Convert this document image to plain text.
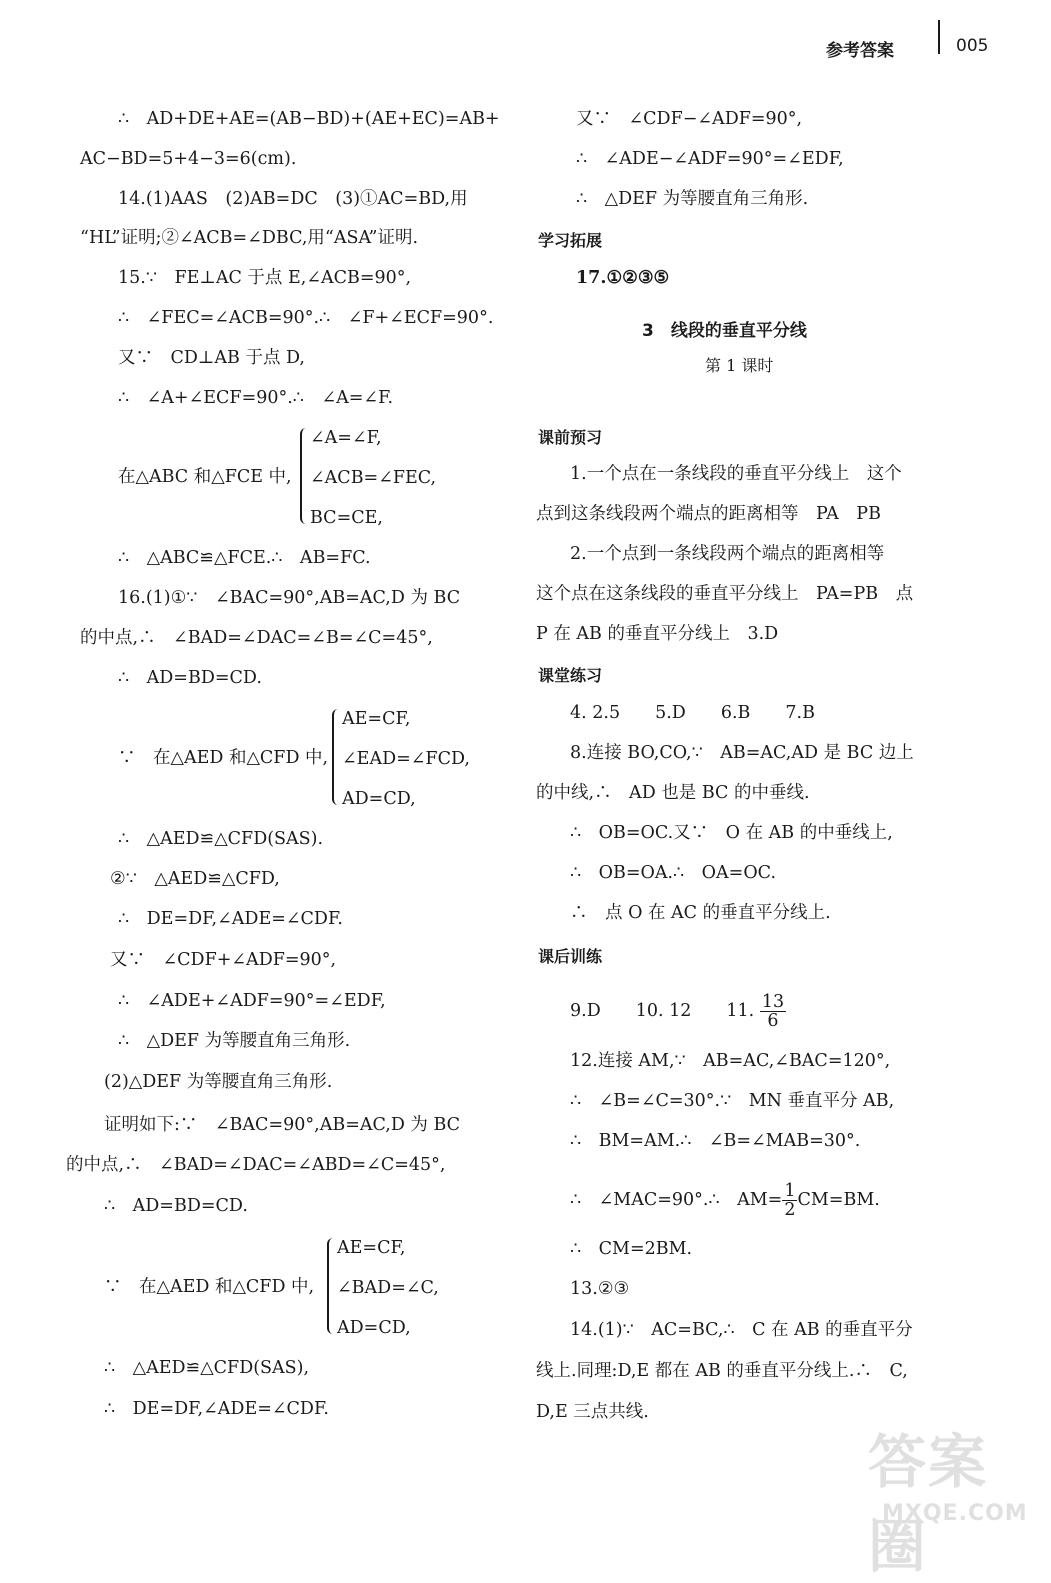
参考答案	005
∴　AD+DE+AE=(AB−BD)+(AE+EC)=AB+
AC−BD=5+4−3=6(cm).
14.(1)AAS　(2)AB=DC　(3)①AC=BD,用
“HL”证明;②∠ACB=∠DBC,用“ASA”证明.
15.∵　FE⊥AC 于点 E,∠ACB=90°,
∴　∠FEC=∠ACB=90°.∴　∠F+∠ECF=90°.
又∵　CD⊥AB 于点 D,
∴　∠A+∠ECF=90°.∴　∠A=∠F.
在△ABC 和△FCE 中,
∠A=∠F,
∠ACB=∠FEC,
BC=CE,
∴　△ABC≌△FCE.∴　AB=FC.
16.(1)①∵　∠BAC=90°,AB=AC,D 为 BC
的中点,∴　∠BAD=∠DAC=∠B=∠C=45°,
∴　AD=BD=CD.
∵　在△AED 和△CFD 中,
AE=CF,
∠EAD=∠FCD,
AD=CD,
∴　△AED≌△CFD(SAS).
②∵　△AED≌△CFD,
∴　DE=DF,∠ADE=∠CDF.
又∵　∠CDF+∠ADF=90°,
∴　∠ADE+∠ADF=90°=∠EDF,
∴　△DEF 为等腰直角三角形.
(2)△DEF 为等腰直角三角形.
证明如下:∵　∠BAC=90°,AB=AC,D 为 BC
的中点,∴　∠BAD=∠DAC=∠ABD=∠C=45°,
∴　AD=BD=CD.
∵　在△AED 和△CFD 中,
AE=CF,
∠BAD=∠C,
AD=CD,
∴　△AED≌△CFD(SAS),
∴　DE=DF,∠ADE=∠CDF.
又∵　∠CDF−∠ADF=90°,
∴　∠ADE−∠ADF=90°=∠EDF,
∴　△DEF 为等腰直角三角形.
学习拓展
17.①②③⑤
3　线段的垂直平分线
第 1 课时
课前预习
1.一个点在一条线段的垂直平分线上　这个
点到这条线段两个端点的距离相等　PA　PB
2.一个点到一条线段两个端点的距离相等
这个点在这条线段的垂直平分线上　PA=PB　点
P 在 AB 的垂直平分线上　3.D
课堂练习
4. 2.5　　5.D　　6.B　　7.B
8.连接 BO,CO,∵　AB=AC,AD 是 BC 边上
的中线,∴　AD 也是 BC 的中垂线.
∴　OB=OC.又∵　O 在 AB 的中垂线上,
∴　OB=OA.∴　OA=OC.
∴　点 O 在 AC 的垂直平分线上.
课后训练
9.D　　10. 12　　11. $\frac{13}{6}$
12.连接 AM,∵　AB=AC,∠BAC=120°,
∴　∠B=∠C=30°.∵　MN 垂直平分 AB,
∴　BM=AM.∴　∠B=∠MAB=30°.
∴　∠MAC=90°.∴　$AM= \frac{1}{2} CM=BM$.
∴　CM=2BM.
13.②③
14.(1)∵　AC=BC,∴　C 在 AB 的垂直平分
线上.同理:D,E 都在 AB 的垂直平分线上.∴　C,
D,E 三点共线.
答案圈
MXQE.COM
